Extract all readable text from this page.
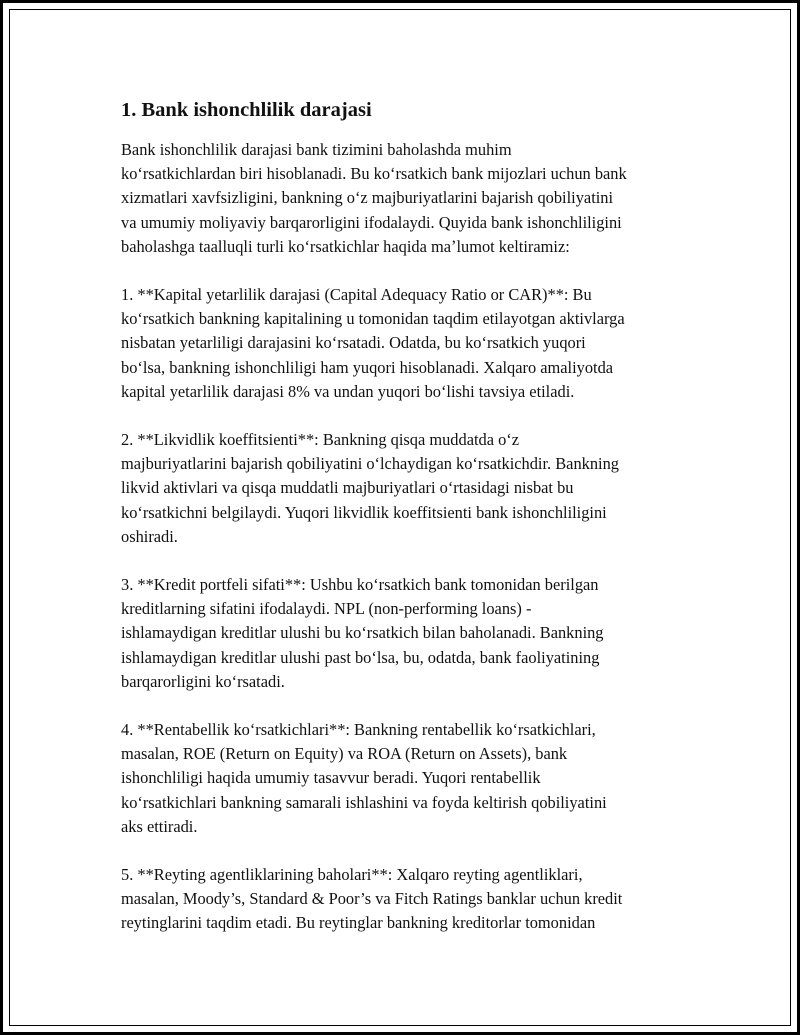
1. Bank ishonchlilik darajasi

Bank ishonchlilik darajasi bank tizimini baholashda muhim
koʻrsatkichlardan biri hisoblanadi. Bu koʻrsatkich bank mijozlari uchun bank
xizmatlari xavfsizligini, bankning oʻz majburiyatlarini bajarish qobiliyatini
va umumiy moliyaviy barqarorligini ifodalaydi. Quyida bank ishonchliligini
baholashga taalluqli turli koʻrsatkichlar haqida maʼlumot keltiramiz:

1. **Kapital yetarlilik darajasi (Capital Adequacy Ratio or CAR)**: Bu
koʻrsatkich bankning kapitalining u tomonidan taqdim etilayotgan aktivlarga
nisbatan yetarliligi darajasini koʻrsatadi. Odatda, bu koʻrsatkich yuqori
boʻlsa, bankning ishonchliligi ham yuqori hisoblanadi. Xalqaro amaliyotda
kapital yetarlilik darajasi 8% va undan yuqori boʻlishi tavsiya etiladi.

2. **Likvidlik koeffitsienti**: Bankning qisqa muddatda oʻz
majburiyatlarini bajarish qobiliyatini oʻlchaydigan koʻrsatkichdir. Bankning
likvid aktivlari va qisqa muddatli majburiyatlari oʻrtasidagi nisbat bu
koʻrsatkichni belgilaydi. Yuqori likvidlik koeffitsienti bank ishonchliligini
oshiradi.

3. **Kredit portfeli sifati**: Ushbu koʻrsatkich bank tomonidan berilgan
kreditlarning sifatini ifodalaydi. NPL (non-performing loans) -
ishlamaydigan kreditlar ulushi bu koʻrsatkich bilan baholanadi. Bankning
ishlamaydigan kreditlar ulushi past boʻlsa, bu, odatda, bank faoliyatining
barqarorligini koʻrsatadi.

4. **Rentabellik koʻrsatkichlari**: Bankning rentabellik koʻrsatkichlari,
masalan, ROE (Return on Equity) va ROA (Return on Assets), bank
ishonchliligi haqida umumiy tasavvur beradi. Yuqori rentabellik
koʻrsatkichlari bankning samarali ishlashini va foyda keltirish qobiliyatini
aks ettiradi.

5. **Reyting agentliklarining baholari**: Xalqaro reyting agentliklari,
masalan, Moody’s, Standard & Poor’s va Fitch Ratings banklar uchun kredit
reytinglarini taqdim etadi. Bu reytinglar bankning kreditorlar tomonidan
